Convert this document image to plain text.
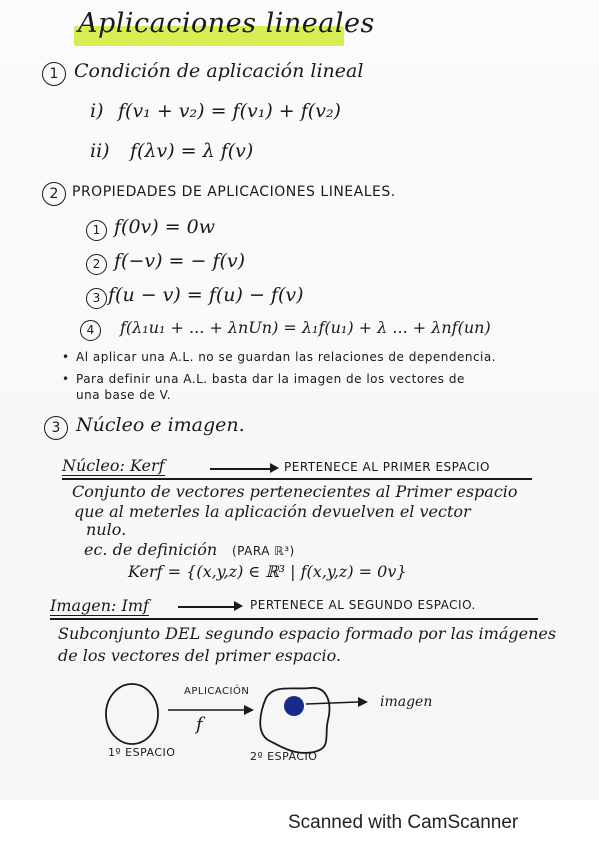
Aplicaciones lineales
1 Condición de aplicación lineal
i) f(v₁ + v₂) = f(v₁) + f(v₂)
ii) f(λv) = λ f(v)
2 PROPIEDADES DE APLICACIONES LINEALES.
1 f(0v) = 0w
2 f(−v) = − f(v)
3 f(u − v) = f(u) − f(v)
4	f(λ₁u₁ + ... + λnUn) = λ₁f(u₁) + λ ... + λnf(un)
• Al aplicar una A.L. no se guardan las relaciones de dependencia.
• Para definir una A.L. basta dar la imagen de los vectores de
una base de V.
3 Núcleo e imagen.
Núcleo: Kerf	PERTENECE AL PRIMER ESPACIO
Conjunto de vectores pertenecientes al Primer espacio
que al meterles la aplicación devuelven el vector
nulo.
ec. de definición (PARA ℝ³)
Kerf = {(x,y,z) ∈ ℝ³ | f(x,y,z) = 0v}
Imagen: Imf	PERTENECE AL SEGUNDO ESPACIO.
Subconjunto DEL segundo espacio formado por las imágenes
de los vectores del primer espacio.
APLICACIÓN
f
imagen
1º ESPACIO	2º ESPACIO
Scanned with CamScanner
